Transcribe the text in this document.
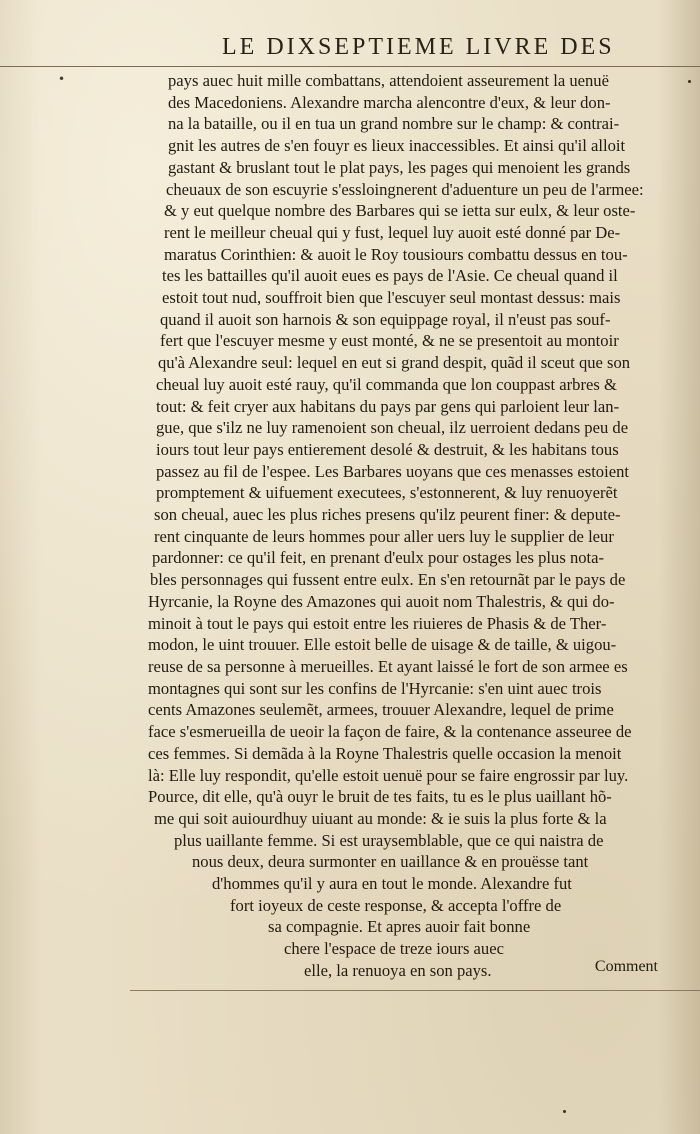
LE DIXSEPTIEME LIVRE DES
•	pays auec huit mille combattans, attendoient asseurement la uenuë
des Macedoniens. Alexandre marcha alencontre d'eux, & leur don-
na la bataille, ou il en tua un grand nombre sur le champ: & contrai-
gnit les autres de s'en fouyr es lieux inaccessibles. Et ainsi qu'il alloit
gastant & bruslant tout le plat pays, les pages qui menoient les grands
cheuaux de son escuyrie s'essloingnerent d'aduenture un peu de l'armee:
& y eut quelque nombre des Barbares qui se ietta sur eulx, & leur oste-
rent le meilleur cheual qui y fust, lequel luy auoit esté donné par De-
maratus Corinthien: & auoit le Roy tousiours combattu dessus en tou-
tes les battailles qu'il auoit eues es pays de l'Asie. Ce cheual quand il
estoit tout nud, souffroit bien que l'escuyer seul montast dessus: mais
quand il auoit son harnois & son equippage royal, il n'eust pas souf-
fert que l'escuyer mesme y eust monté, & ne se presentoit au montoir
qu'à Alexandre seul: lequel en eut si grand despit, quãd il sceut que son
cheual luy auoit esté rauy, qu'il commanda que lon couppast arbres &
tout: & feit cryer aux habitans du pays par gens qui parloient leur lan-
gue, que s'ilz ne luy ramenoient son cheual, ilz uerroient dedans peu de
iours tout leur pays entierement desolé & destruit, & les habitans tous
passez au fil de l'espee. Les Barbares uoyans que ces menasses estoient
promptement & uifuement executees, s'estonnerent, & luy renuoyerẽt
son cheual, auec les plus riches presens qu'ilz peurent finer: & depute-
rent cinquante de leurs hommes pour aller uers luy le supplier de leur
pardonner: ce qu'il feit, en prenant d'eulx pour ostages les plus nota-
bles personnages qui fussent entre eulx. En s'en retournãt par le pays de
Hyrcanie, la Royne des Amazones qui auoit nom Thalestris, & qui do-
minoit à tout le pays qui estoit entre les riuieres de Phasis & de Ther-
modon, le uint trouuer. Elle estoit belle de uisage & de taille, & uigou-
reuse de sa personne à merueilles. Et ayant laissé le fort de son armee es
montagnes qui sont sur les confins de l'Hyrcanie: s'en uint auec trois
cents Amazones seulemẽt, armees, trouuer Alexandre, lequel de prime
face s'esmerueilla de ueoir la façon de faire, & la contenance asseuree de
ces femmes. Si demãda à la Royne Thalestris quelle occasion la menoit
là: Elle luy respondit, qu'elle estoit uenuë pour se faire engrossir par luy.
Pource, dit elle, qu'à ouyr le bruit de tes faits, tu es le plus uaillant hõ-
me qui soit auiourdhuy uiuant au monde: & ie suis la plus forte & la
plus uaillante femme. Si est uraysemblable, que ce qui naistra de
nous deux, deura surmonter en uaillance & en prouësse tant
d'hommes qu'il y aura en tout le monde. Alexandre fut
fort ioyeux de ceste response, & accepta l'offre de
sa compagnie. Et apres auoir fait bonne
chere l'espace de treze iours auec
elle, la renuoya en son pays.	Comment
